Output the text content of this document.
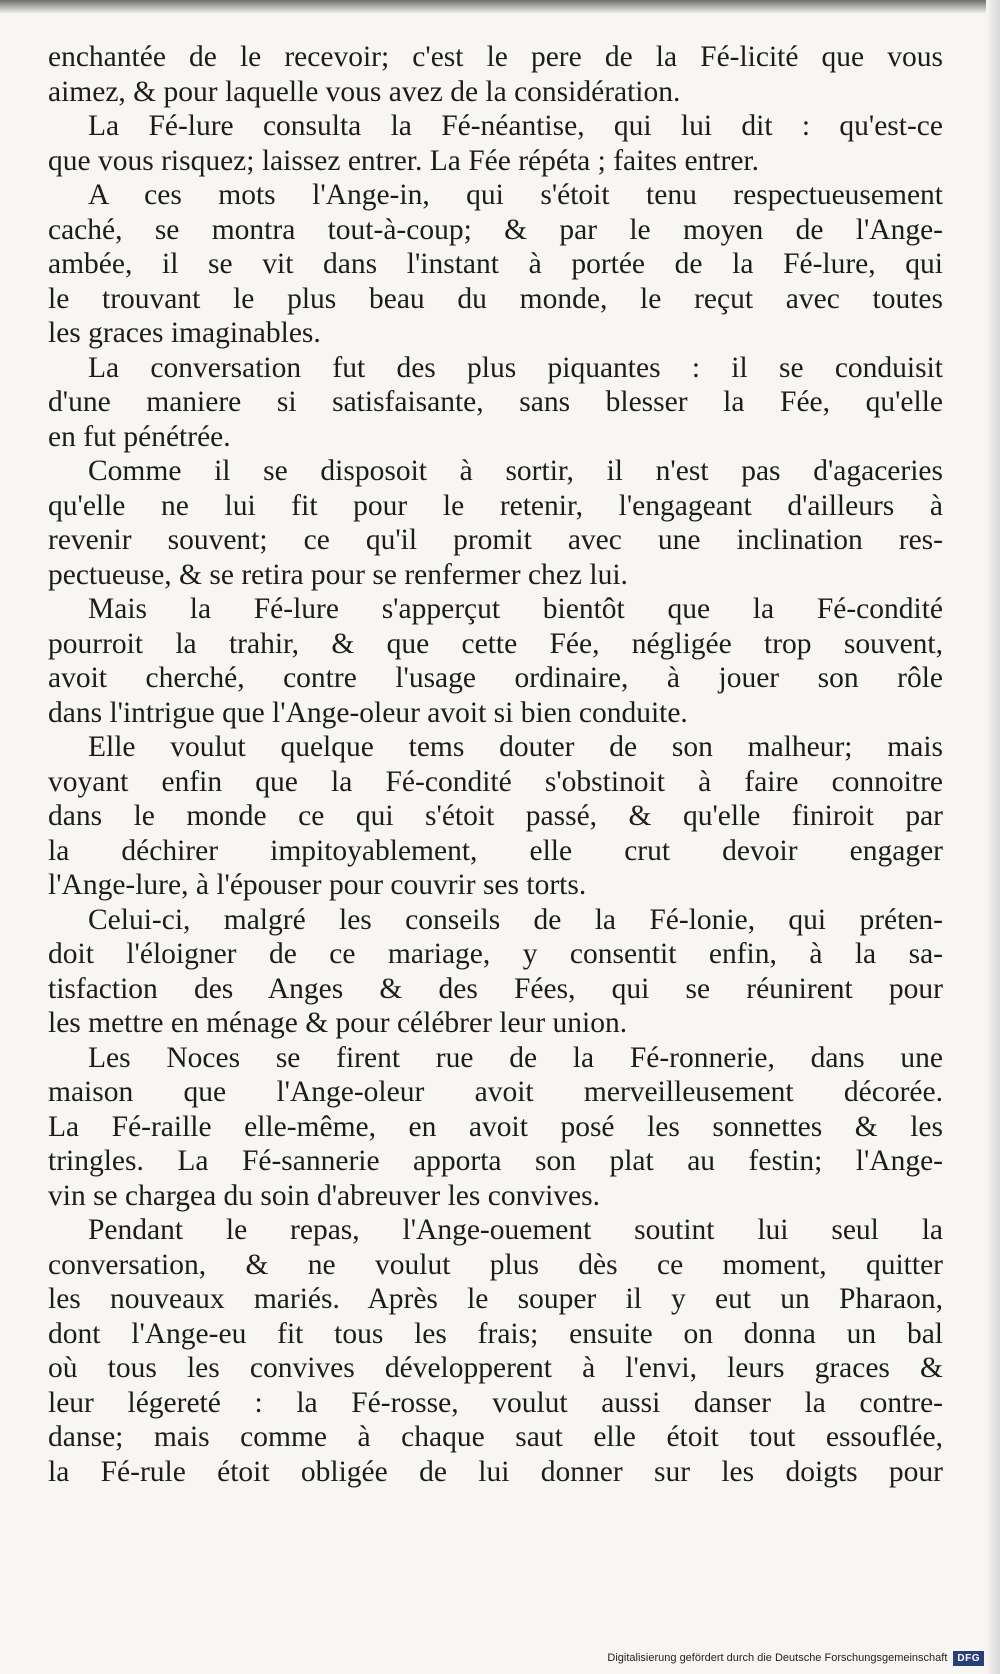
enchantée de le recevoir; c'est le pere de la Fé-licité que vous
aimez, & pour laquelle vous avez de la considération.
La Fé-lure consulta la Fé-néantise, qui lui dit : qu'est-ce
que vous risquez; laissez entrer. La Fée répéta ; faites entrer.
A ces mots l'Ange-in, qui s'étoit tenu respectueusement
caché, se montra tout-à-coup; & par le moyen de l'Ange-
ambée, il se vit dans l'instant à portée de la Fé-lure, qui
le trouvant le plus beau du monde, le reçut avec toutes
les graces imaginables.
La conversation fut des plus piquantes : il se conduisit
d'une maniere si satisfaisante, sans blesser la Fée, qu'elle
en fut pénétrée.
Comme il se disposoit à sortir, il n'est pas d'agaceries
qu'elle ne lui fit pour le retenir, l'engageant d'ailleurs à
revenir souvent; ce qu'il promit avec une inclination res-
pectueuse, & se retira pour se renfermer chez lui.
Mais la Fé-lure s'apperçut bientôt que la Fé-condité
pourroit la trahir, & que cette Fée, négligée trop souvent,
avoit cherché, contre l'usage ordinaire, à jouer son rôle
dans l'intrigue que l'Ange-oleur avoit si bien conduite.
Elle voulut quelque tems douter de son malheur; mais
voyant enfin que la Fé-condité s'obstinoit à faire connoitre
dans le monde ce qui s'étoit passé, & qu'elle finiroit par
la déchirer impitoyablement, elle crut devoir engager
l'Ange-lure, à l'épouser pour couvrir ses torts.
Celui-ci, malgré les conseils de la Fé-lonie, qui préten-
doit l'éloigner de ce mariage, y consentit enfin, à la sa-
tisfaction des Anges & des Fées, qui se réunirent pour
les mettre en ménage & pour célébrer leur union.
Les Noces se firent rue de la Fé-ronnerie, dans une
maison que l'Ange-oleur avoit merveilleusement décorée.
La Fé-raille elle-même, en avoit posé les sonnettes & les
tringles. La Fé-sannerie apporta son plat au festin; l'Ange-
vin se chargea du soin d'abreuver les convives.
Pendant le repas, l'Ange-ouement soutint lui seul la
conversation, & ne voulut plus dès ce moment, quitter
les nouveaux mariés. Après le souper il y eut un Pharaon,
dont l'Ange-eu fit tous les frais; ensuite on donna un bal
où tous les convives développerent à l'envi, leurs graces &
leur légereté : la Fé-rosse, voulut aussi danser la contre-
danse; mais comme à chaque saut elle étoit tout essouflée,
la Fé-rule étoit obligée de lui donner sur les doigts pour
Digitalisierung gefördert durch die Deutsche Forschungsgemeinschaft	DFG
